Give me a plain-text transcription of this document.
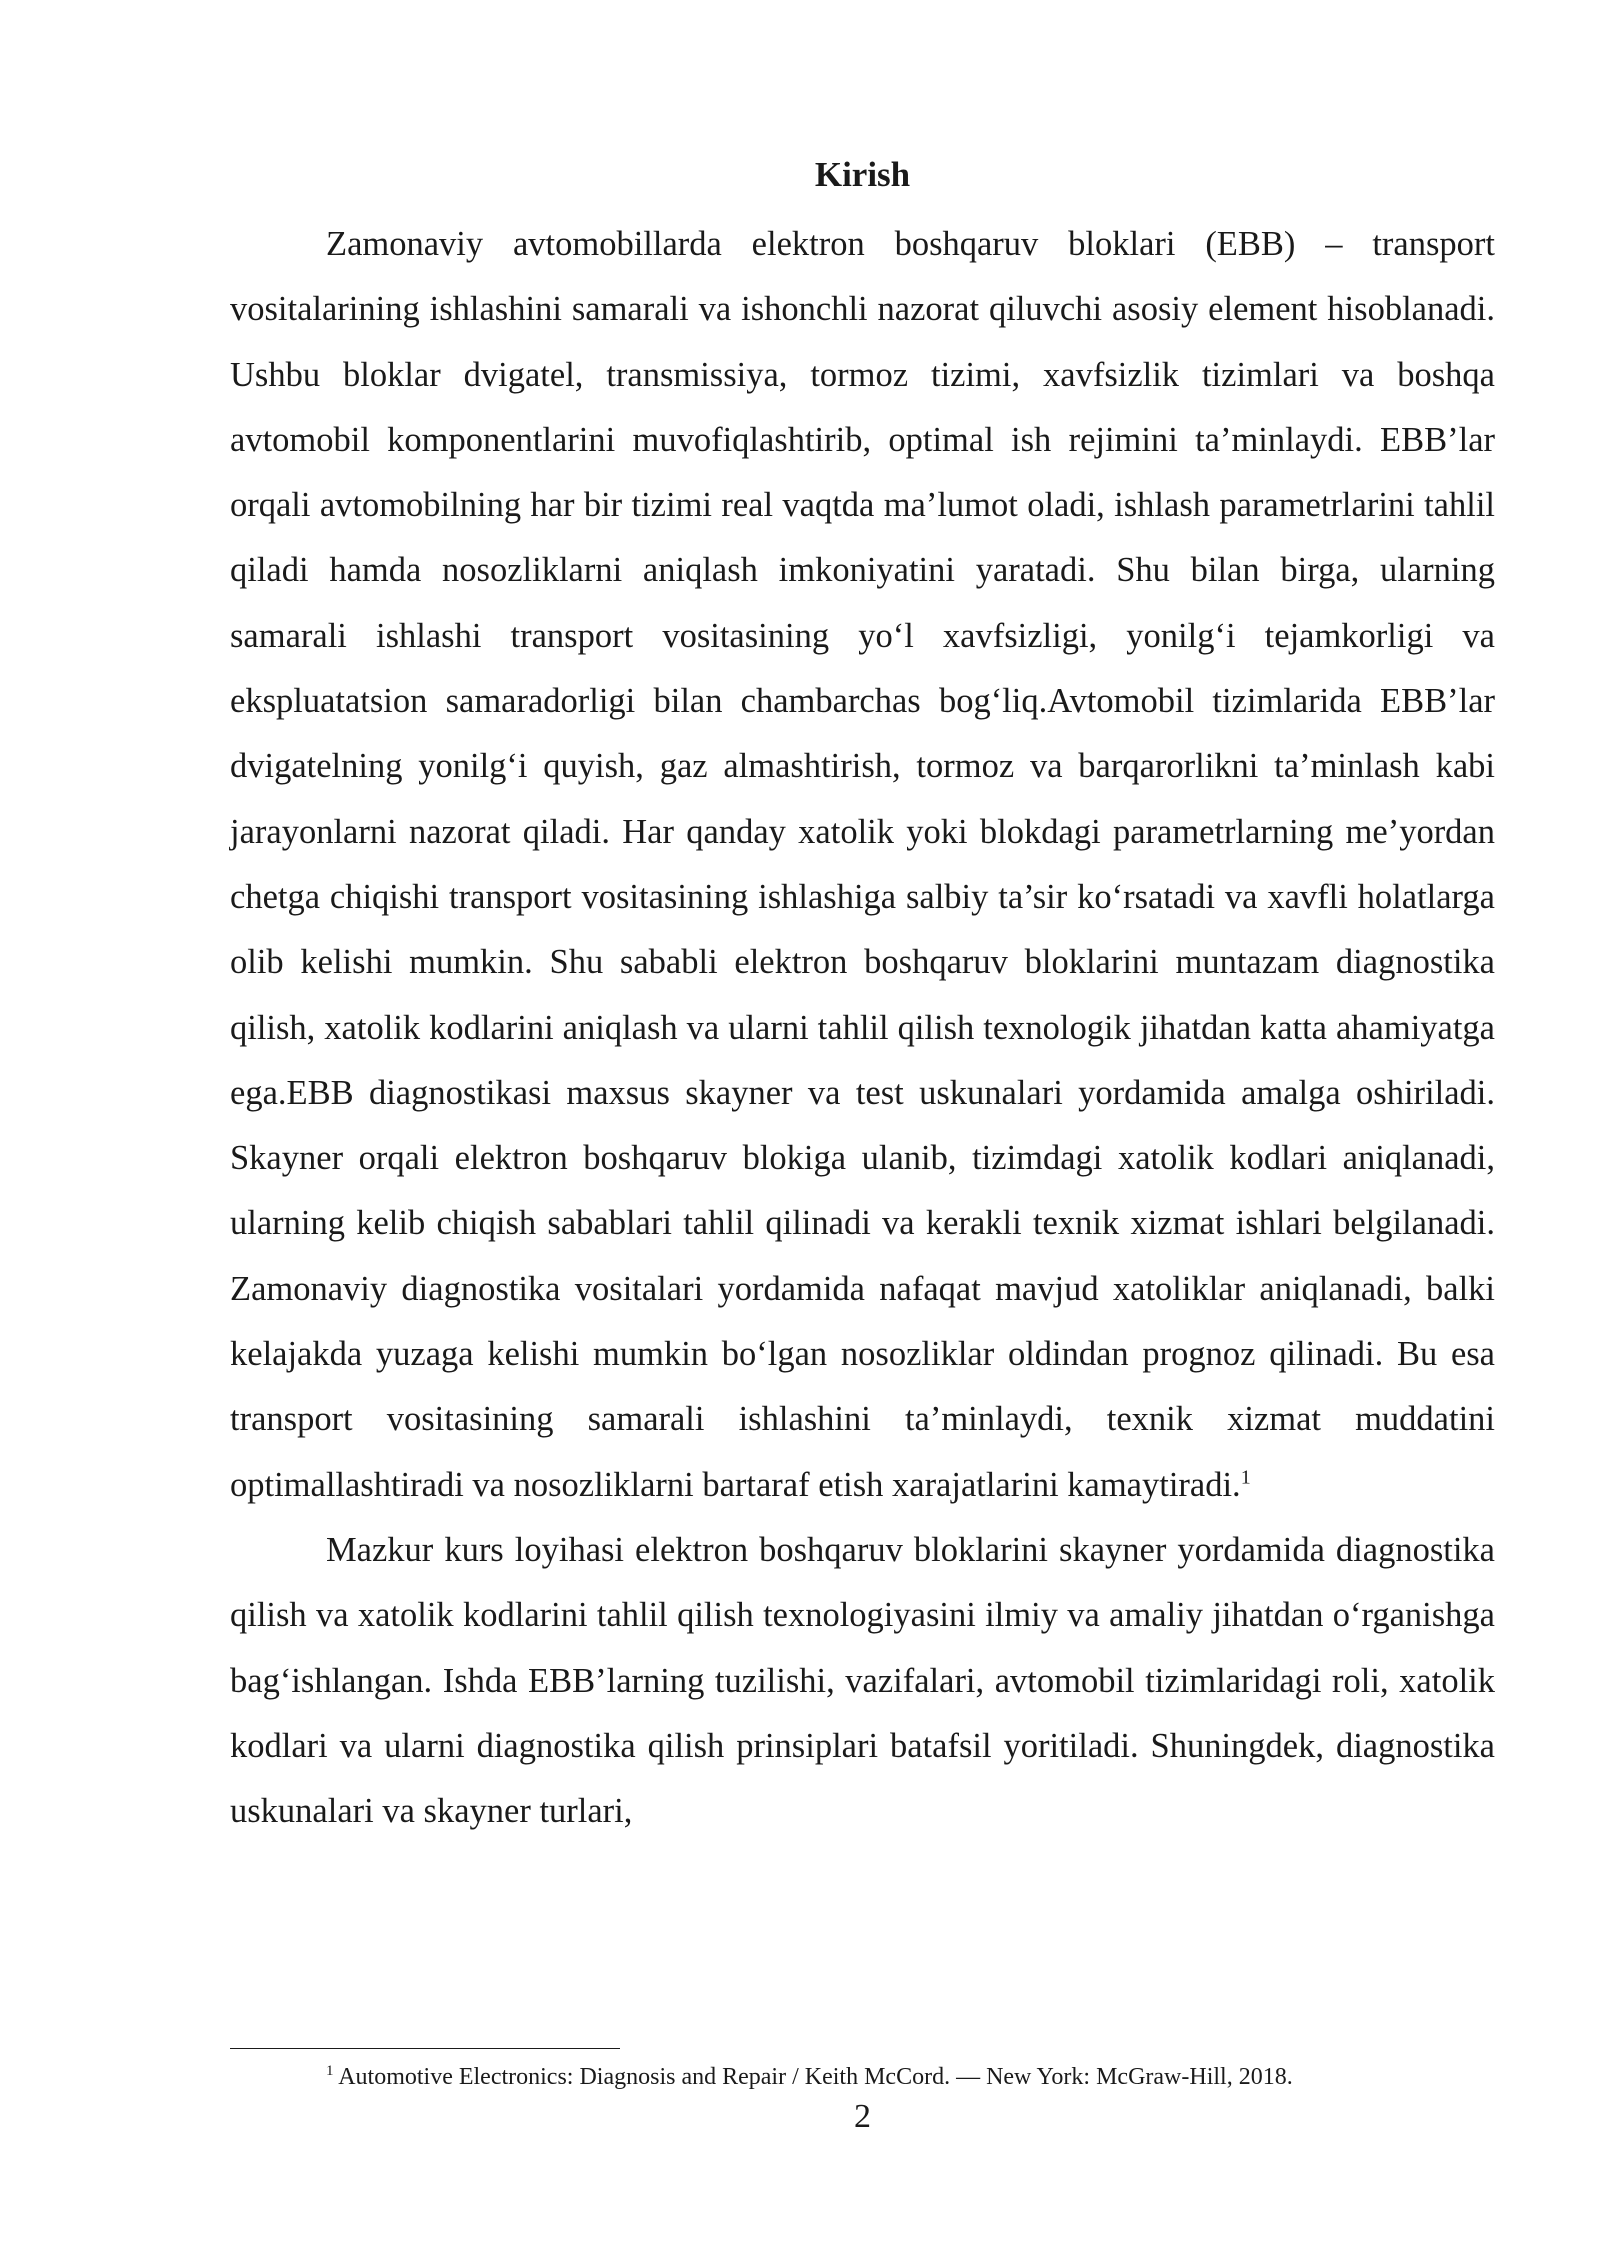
Kirish

Zamonaviy avtomobillarda elektron boshqaruv bloklari (EBB) – transport vositalarining ishlashini samarali va ishonchli nazorat qiluvchi asosiy element hisoblanadi. Ushbu bloklar dvigatel, transmissiya, tormoz tizimi, xavfsizlik tizimlari va boshqa avtomobil komponentlarini muvofiqlashtirib, optimal ish rejimini ta’minlaydi. EBB’lar orqali avtomobilning har bir tizimi real vaqtda ma’lumot oladi, ishlash parametrlarini tahlil qiladi hamda nosozliklarni aniqlash imkoniyatini yaratadi. Shu bilan birga, ularning samarali ishlashi transport vositasining yo‘l xavfsizligi, yonilg‘i tejamkorligi va ekspluatatsion samaradorligi bilan chambarchas bog‘liq.Avtomobil tizimlarida EBB’lar dvigatelning yonilg‘i quyish, gaz almashtirish, tormoz va barqarorlikni ta’minlash kabi jarayonlarni nazorat qiladi. Har qanday xatolik yoki blokdagi parametrlarning me’yordan chetga chiqishi transport vositasining ishlashiga salbiy ta’sir ko‘rsatadi va xavfli holatlarga olib kelishi mumkin. Shu sababli elektron boshqaruv bloklarini muntazam diagnostika qilish, xatolik kodlarini aniqlash va ularni tahlil qilish texnologik jihatdan katta ahamiyatga ega.EBB diagnostikasi maxsus skayner va test uskunalari yordamida amalga oshiriladi. Skayner orqali elektron boshqaruv blokiga ulanib, tizimdagi xatolik kodlari aniqlanadi, ularning kelib chiqish sabablari tahlil qilinadi va kerakli texnik xizmat ishlari belgilanadi. Zamonaviy diagnostika vositalari yordamida nafaqat mavjud xatoliklar aniqlanadi, balki kelajakda yuzaga kelishi mumkin bo‘lgan nosozliklar oldindan prognoz qilinadi. Bu esa transport vositasining samarali ishlashini ta’minlaydi, texnik xizmat muddatini optimallashtiradi va nosozliklarni bartaraf etish xarajatlarini kamaytiradi.$^1$

Mazkur kurs loyihasi elektron boshqaruv bloklarini skayner yordamida diagnostika qilish va xatolik kodlarini tahlil qilish texnologiyasini ilmiy va amaliy jihatdan o‘rganishga bag‘ishlangan. Ishda EBB’larning tuzilishi, vazifalari, avtomobil tizimlaridagi roli, xatolik kodlari va ularni diagnostika qilish prinsiplari batafsil yoritiladi. Shuningdek, diagnostika uskunalari va skayner turlari,

$^1$ Automotive Electronics: Diagnosis and Repair / Keith McCord. — New York: McGraw-Hill, 2018.
2
